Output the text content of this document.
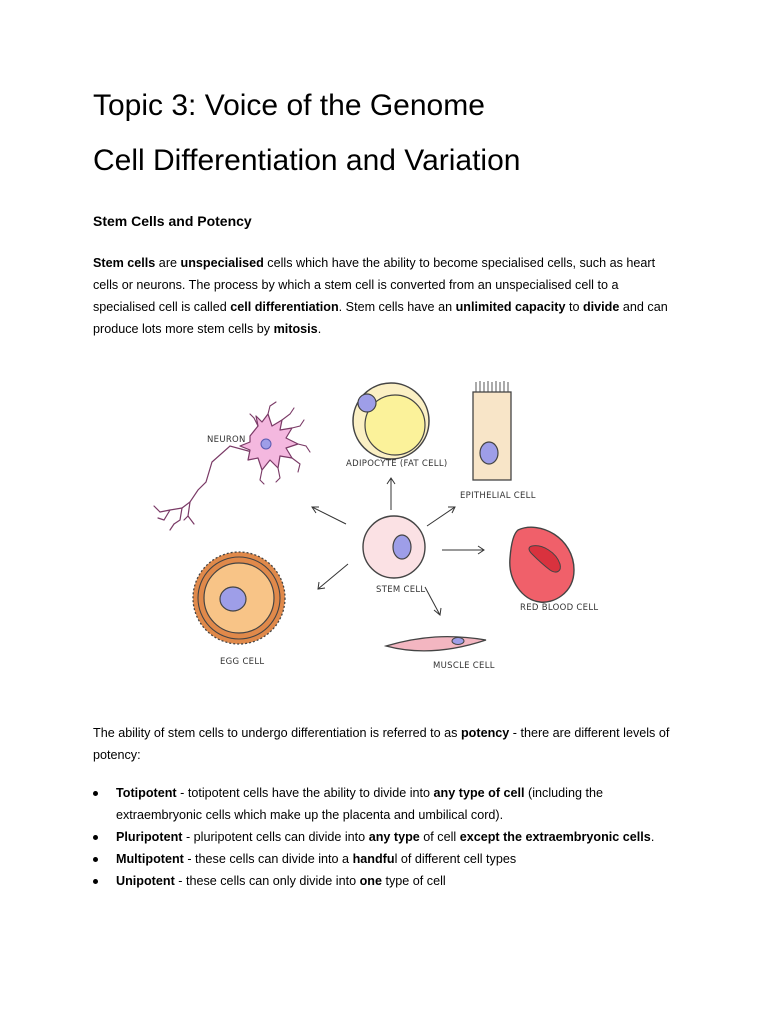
Topic 3: Voice of the Genome
Cell Differentiation and Variation
Stem Cells and Potency

Stem cells are unspecialised cells which have the ability to become specialised cells, such as heart cells or neurons. The process by which a stem cell is converted from an unspecialised cell to a specialised cell is called cell differentiation. Stem cells have an unlimited capacity to divide and can produce lots more stem cells by mitosis.

NEURON
ADIPOCYTE (FAT CELL)
EPITHELIAL CELL
STEM CELL
RED BLOOD CELL
EGG CELL	MUSCLE CELL

The ability of stem cells to undergo differentiation is referred to as potency - there are different levels of potency:

Totipotent - totipotent cells have the ability to divide into any type of cell (including the extraembryonic cells which make up the placenta and umbilical cord).
Pluripotent - pluripotent cells can divide into any type of cell except the extraembryonic cells.
Multipotent - these cells can divide into a handful of different cell types
Unipotent - these cells can only divide into one type of cell
